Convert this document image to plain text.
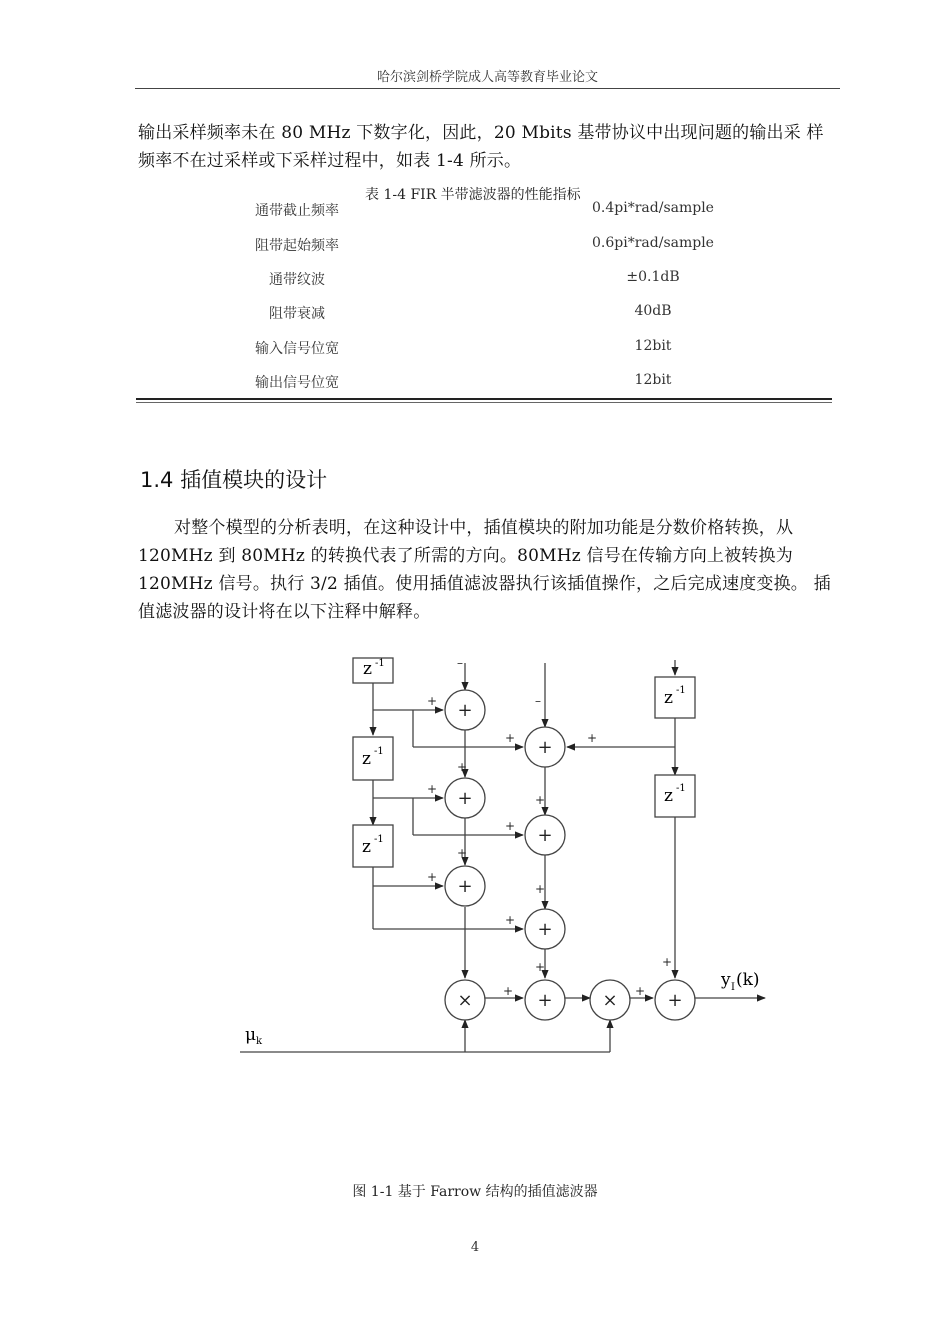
哈尔滨剑桥学院成人高等教育毕业论文

输出采样频率未在 80 MHz 下数字化，因此，20 Mbits 基带协议中出现问题的输出采 样频率不在过采样或下采样过程中，如表 1-4 所示。

表 1-4 FIR 半带滤波器的性能指标
通带截止频率	0.4pi*rad/sample
阻带起始频率	0.6pi*rad/sample
通带纹波	±0.1dB
阻带衰减	40dB
输入信号位宽	12bit
输出信号位宽	12bit
1.4 插值模块的设计

对整个模型的分析表明，在这种设计中，插值模块的附加功能是分数价格转换，从 120MHz 到 80MHz 的转换代表了所需的方向。80MHz 信号在传输方向上被转换为 120MHz 信号。执行 3/2 插值。使用插值滤波器执行该插值操作，之后完成速度变换。 插值滤波器的设计将在以下注释中解释。

z -1
z -1
z -1
z -1
z -1
+
+
+
+
+
+
×	+	×	+
+
+
+
+
+
–
+	+
–
+
+
+
+
+
+
+
+
μ k
y I (k)
图 1-1 基于 Farrow 结构的插值滤波器
4
